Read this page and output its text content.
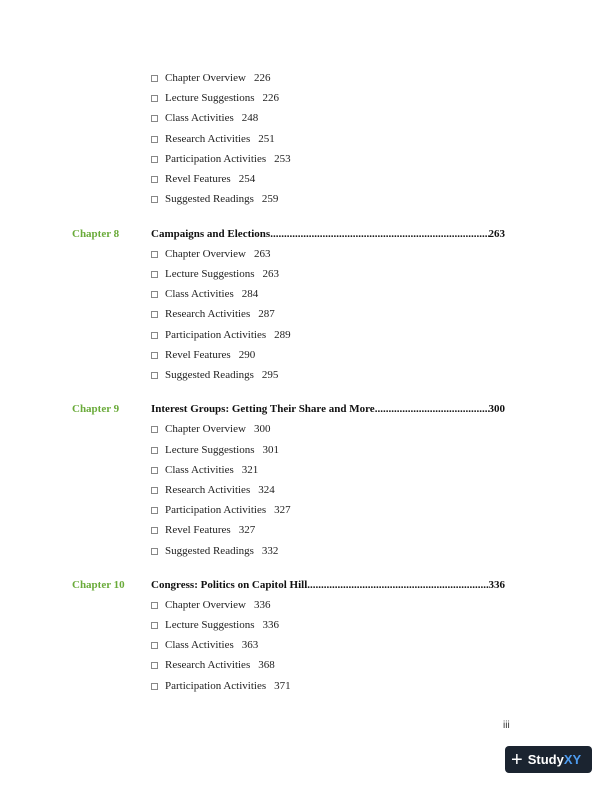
Chapter Overview 226
Lecture Suggestions 226
Class Activities 248
Research Activities 251
Participation Activities 253
Revel Features 254
Suggested Readings 259
Chapter 8	Campaigns and Elections .....	263
Chapter Overview 263
Lecture Suggestions 263
Class Activities 284
Research Activities 287
Participation Activities 289
Revel Features 290
Suggested Readings 295
Chapter 9	Interest Groups: Getting Their Share and More .....	300
Chapter Overview 300
Lecture Suggestions 301
Class Activities 321
Research Activities 324
Participation Activities 327
Revel Features 327
Suggested Readings 332
Chapter 10 Congress: Politics on Capitol Hill .....	336
Chapter Overview 336
Lecture Suggestions 336
Class Activities 363
Research Activities 368
Participation Activities 371
iii
+ Study XY
